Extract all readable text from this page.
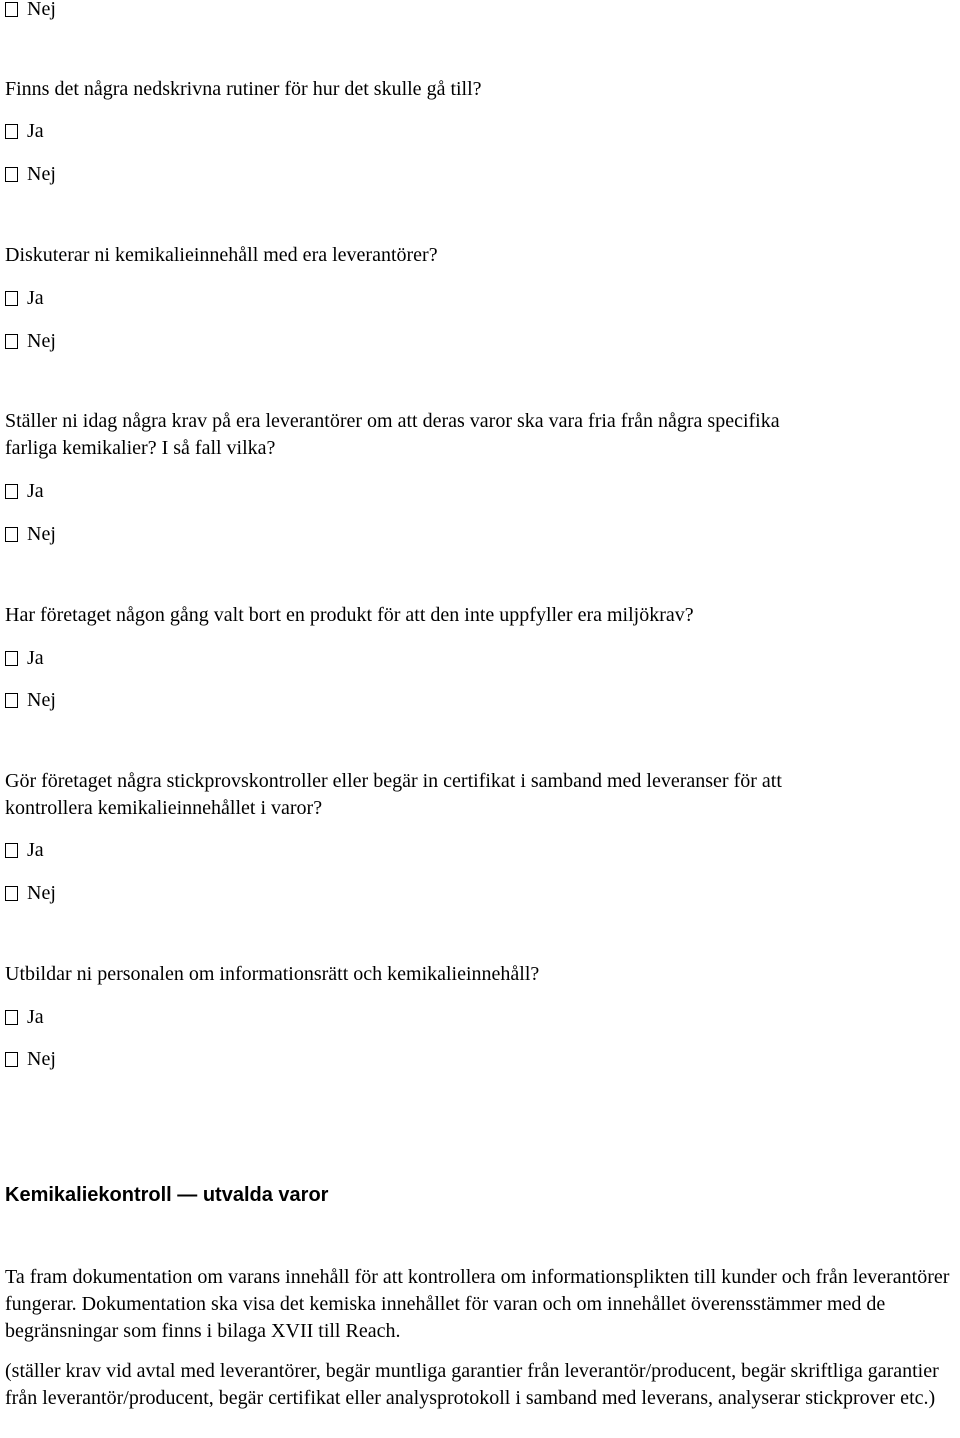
Nej
Finns det några nedskrivna rutiner för hur det skulle gå till?
Ja
Nej
Diskuterar ni kemikalieinnehåll med era leverantörer?
Ja
Nej
Ställer ni idag några krav på era leverantörer om att deras varor ska vara fria från några specifika
farliga kemikalier? I så fall vilka?
Ja
Nej
Har företaget någon gång valt bort en produkt för att den inte uppfyller era miljökrav?
Ja
Nej
Gör företaget några stickprovskontroller eller begär in certifikat i samband med leveranser för att
kontrollera kemikalieinnehållet i varor?
Ja
Nej
Utbildar ni personalen om informationsrätt och kemikalieinnehåll?
Ja
Nej
Kemikaliekontroll — utvalda varor
Ta fram dokumentation om varans innehåll för att kontrollera om informationsplikten till kunder och från leverantörer fungerar. Dokumentation ska visa det kemiska innehållet för varan och om innehållet överensstämmer med de begränsningar som finns i bilaga XVII till Reach.
(ställer krav vid avtal med leverantörer, begär muntliga garantier från leverantör/producent, begär skriftliga garantier från leverantör/producent, begär certifikat eller analysprotokoll i samband med leverans, analyserar stickprover etc.)
